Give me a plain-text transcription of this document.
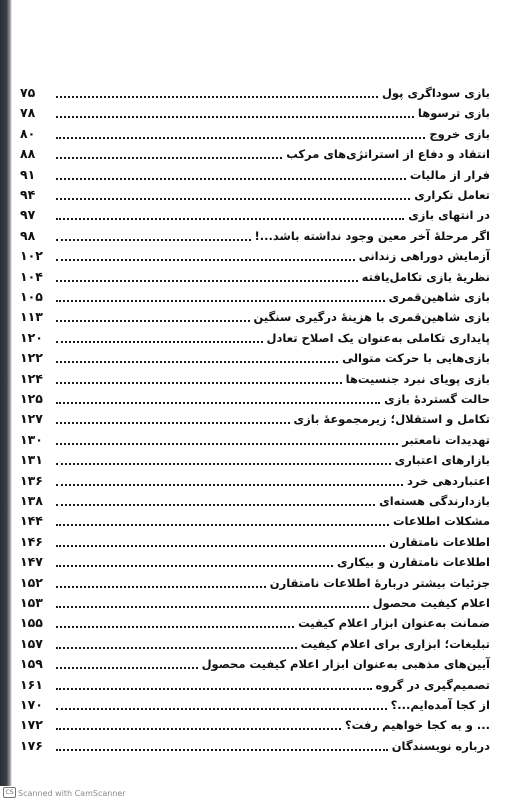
۷۵	بازی سوداگری پول
۷۸	بازی ترسوها
۸۰	بازی خروج
۸۸	انتقاد و دفاع از استراتژی‌های مرکب
۹۱	فرار از مالیات
۹۴	تعامل تکراری
۹۷	در انتهای بازی
۹۸	اگر مرحلهٔ آخر معین وجود نداشته باشد...!
۱۰۲	آزمایش دوراهی زندانی
۱۰۴	نظریهٔ بازی تکامل‌یافته
۱۰۵	بازی شاهین‌قمری
۱۱۳	بازی شاهین‌قمری با هزینهٔ درگیری سنگین
۱۲۰	پایداری تکاملی به‌عنوان یک اصلاح تعادل
۱۲۲	بازی‌هایی با حرکت متوالی
۱۲۴	بازی پویای نبرد جنسیت‌ها
۱۲۵	حالت گستردهٔ بازی
۱۲۷	تکامل و استقلال؛ زیرمجموعهٔ بازی
۱۳۰	تهدیدات نامعتبر
۱۳۱	بازارهای اعتباری
۱۳۶	اعتباردهی خرد
۱۳۸	بازدارندگی هسته‌ای
۱۴۴	مشکلات اطلاعات
۱۴۶	اطلاعات نامتقارن
۱۴۷	اطلاعات نامتقارن و بیکاری
۱۵۲	جزئیات بیشتر دربارهٔ اطلاعات نامتقارن
۱۵۳	اعلام کیفیت محصول
۱۵۵	ضمانت به‌عنوان ابزار اعلام کیفیت
۱۵۷	تبلیغات؛ ابزاری برای اعلام کیفیت
۱۵۹	آیین‌های مذهبی به‌عنوان ابزار اعلام کیفیت محصول
۱۶۱	تصمیم‌گیری در گروه
۱۷۰	از کجا آمده‌ایم...؟
۱۷۲	... و به کجا خواهیم رفت؟
۱۷۶	درباره نویسندگان
CS Scanned with CamScanner
